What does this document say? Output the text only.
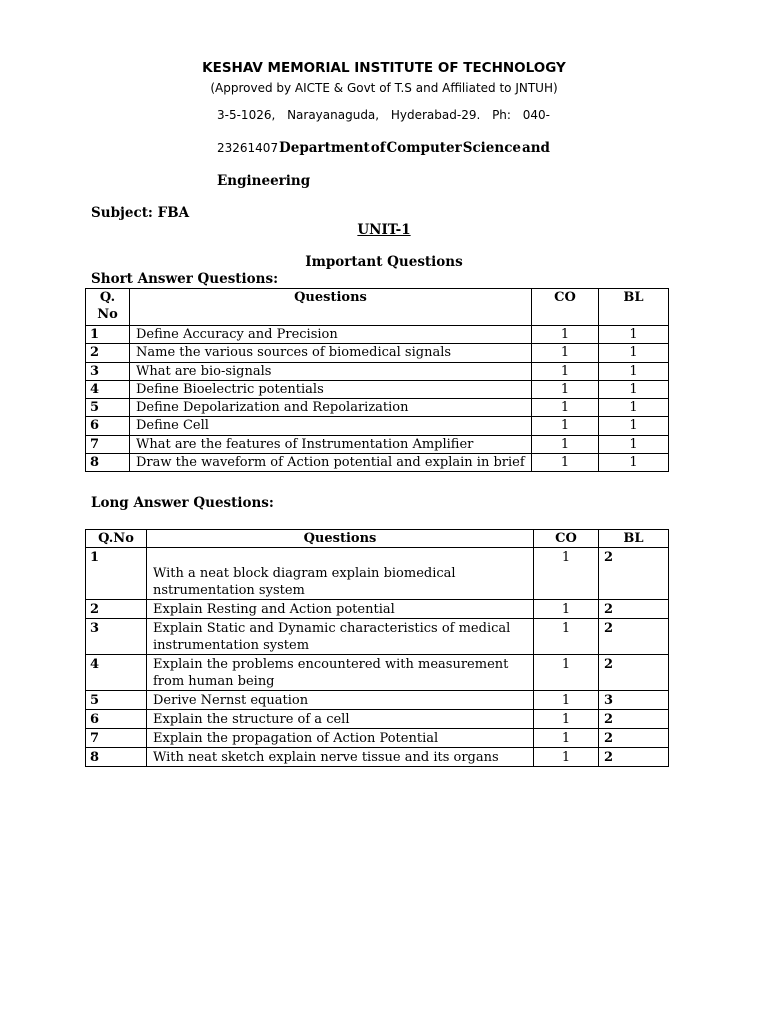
KESHAV MEMORIAL INSTITUTE OF TECHNOLOGY
(Approved by AICTE & Govt of T.S and Affiliated to JNTUH)
3-5-1026, Narayanaguda, Hyderabad-29. Ph: 040-
23261407 Department of Computer Science and
Engineering
Subject: FBA
UNIT-1
Important Questions
Short Answer Questions:
Q. No	Questions	CO	BL
1	Define Accuracy and Precision	1	1
2	Name the various sources of biomedical signals	1	1
3	What are bio-signals	1	1
4	Define Bioelectric potentials	1	1
5	Define Depolarization and Repolarization	1	1
6	Define Cell	1	1
7	What are the features of Instrumentation Amplifier	1	1
8	Draw the waveform of Action potential and explain in brief	1	1
Long Answer Questions:
Q.No	Questions	CO	BL
1	With a neat block diagram explain biomedical nstrumentation system	1	2
2	Explain Resting and Action potential	1	2
3	Explain Static and Dynamic characteristics of medical instrumentation system	1	2
4	Explain the problems encountered with measurement from human being	1	2
5	Derive Nernst equation	1	3
6	Explain the structure of a cell	1	2
7	Explain the propagation of Action Potential	1	2
8	With neat sketch explain nerve tissue and its organs	1	2
